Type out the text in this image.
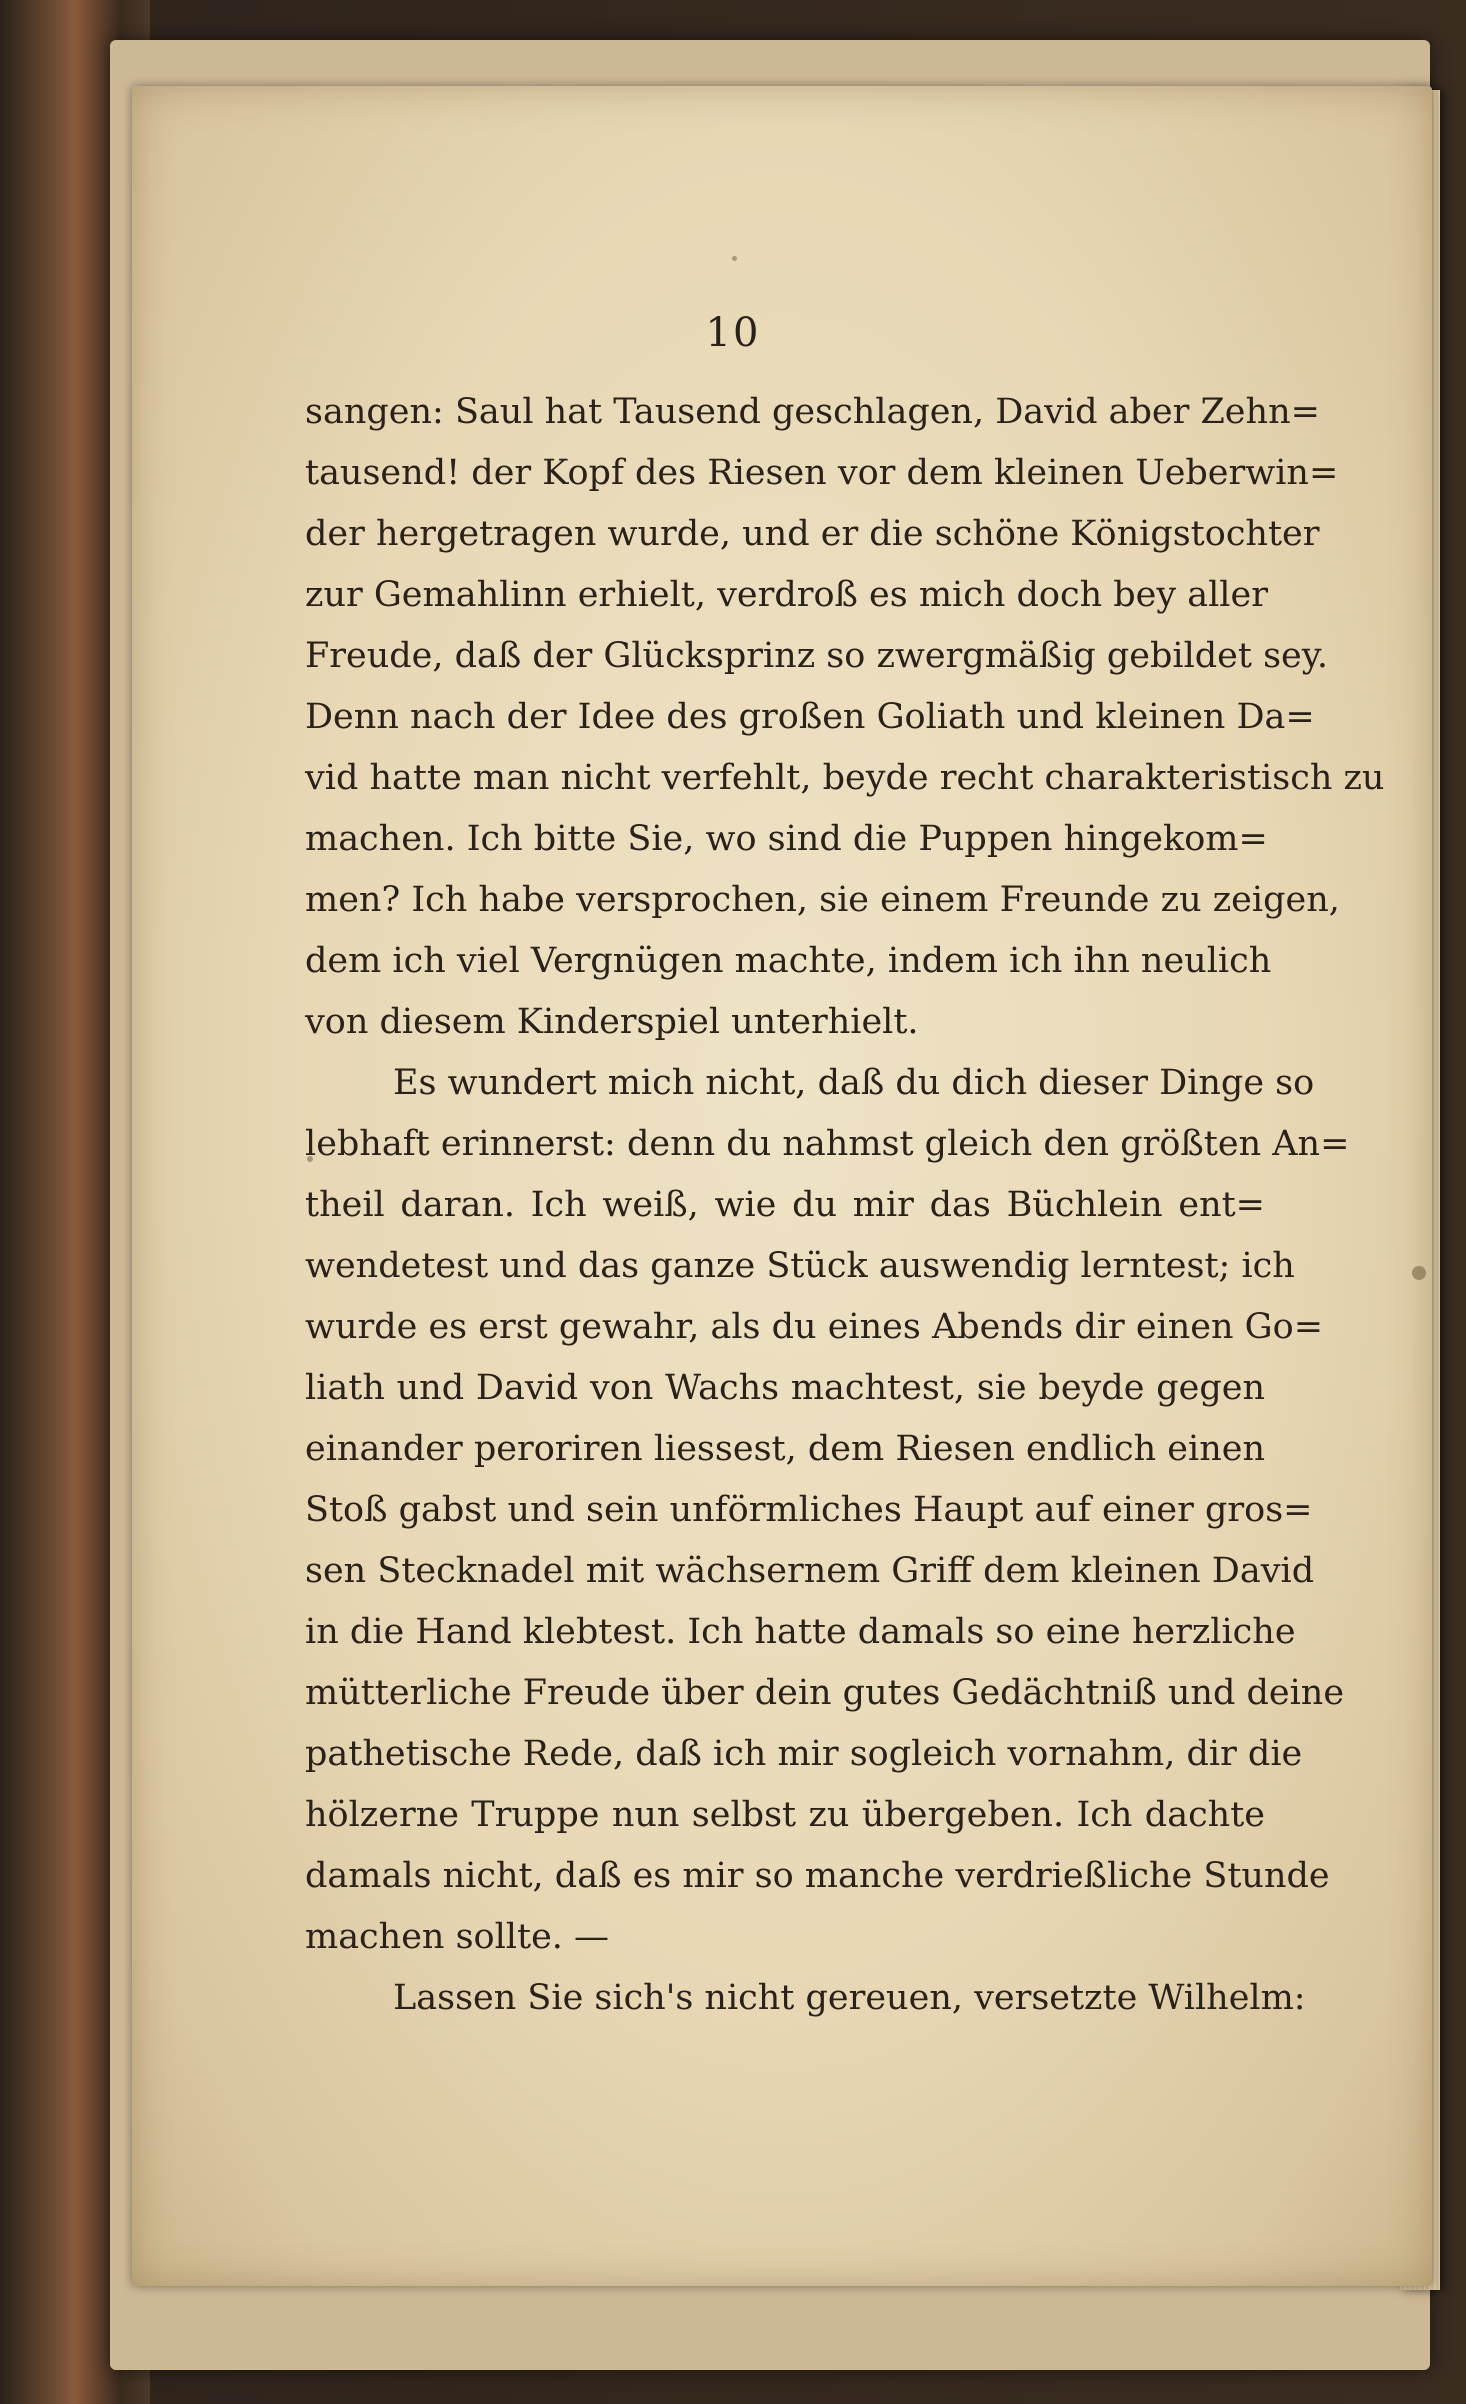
10
sangen: Saul hat Tausend geschlagen, David aber Zehn=
tausend! der Kopf des Riesen vor dem kleinen Ueberwin=
der hergetragen wurde, und er die schöne Königstochter
zur Gemahlinn erhielt, verdroß es mich doch bey aller
Freude, daß der Glücksprinz so zwergmäßig gebildet sey.
Denn nach der Idee des großen Goliath und kleinen Da=
vid hatte man nicht verfehlt, beyde recht charakteristisch zu
machen. Ich bitte Sie, wo sind die Puppen hingekom=
men? Ich habe versprochen, sie einem Freunde zu zeigen,
dem ich viel Vergnügen machte, indem ich ihn neulich
von diesem Kinderspiel unterhielt.
Es wundert mich nicht, daß du dich dieser Dinge so
lebhaft erinnerst: denn du nahmst gleich den größten An=
theil daran. Ich weiß, wie du mir das Büchlein ent=
wendetest und das ganze Stück auswendig lerntest; ich
wurde es erst gewahr, als du eines Abends dir einen Go=
liath und David von Wachs machtest, sie beyde gegen
einander peroriren liessest, dem Riesen endlich einen
Stoß gabst und sein unförmliches Haupt auf einer gros=
sen Stecknadel mit wächsernem Griff dem kleinen David
in die Hand klebtest. Ich hatte damals so eine herzliche
mütterliche Freude über dein gutes Gedächtniß und deine
pathetische Rede, daß ich mir sogleich vornahm, dir die
hölzerne Truppe nun selbst zu übergeben. Ich dachte
damals nicht, daß es mir so manche verdrießliche Stunde
machen sollte. —
Lassen Sie sich's nicht gereuen, versetzte Wilhelm:
